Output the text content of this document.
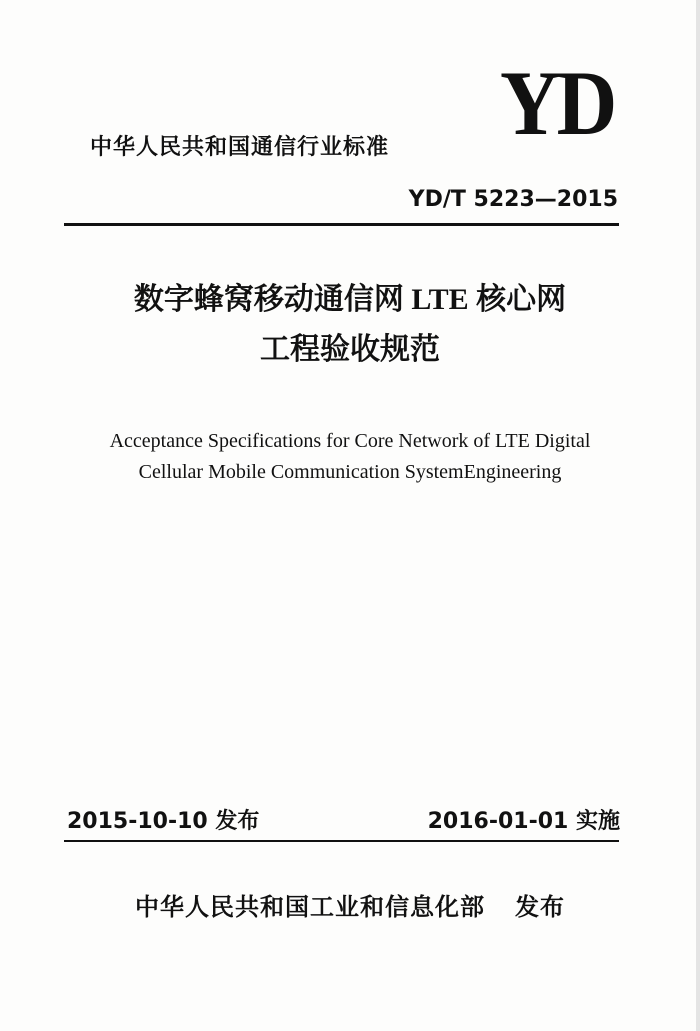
YD
中华人民共和国通信行业标准
YD/T 5223—2015
数字蜂窝移动通信网 LTE 核心网
工程验收规范
Acceptance Specifications for Core Network of LTE Digital
Cellular Mobile Communication SystemEngineering
2015-10-10 发布	2016-01-01 实施
中华人民共和国工业和信息化部 发布
